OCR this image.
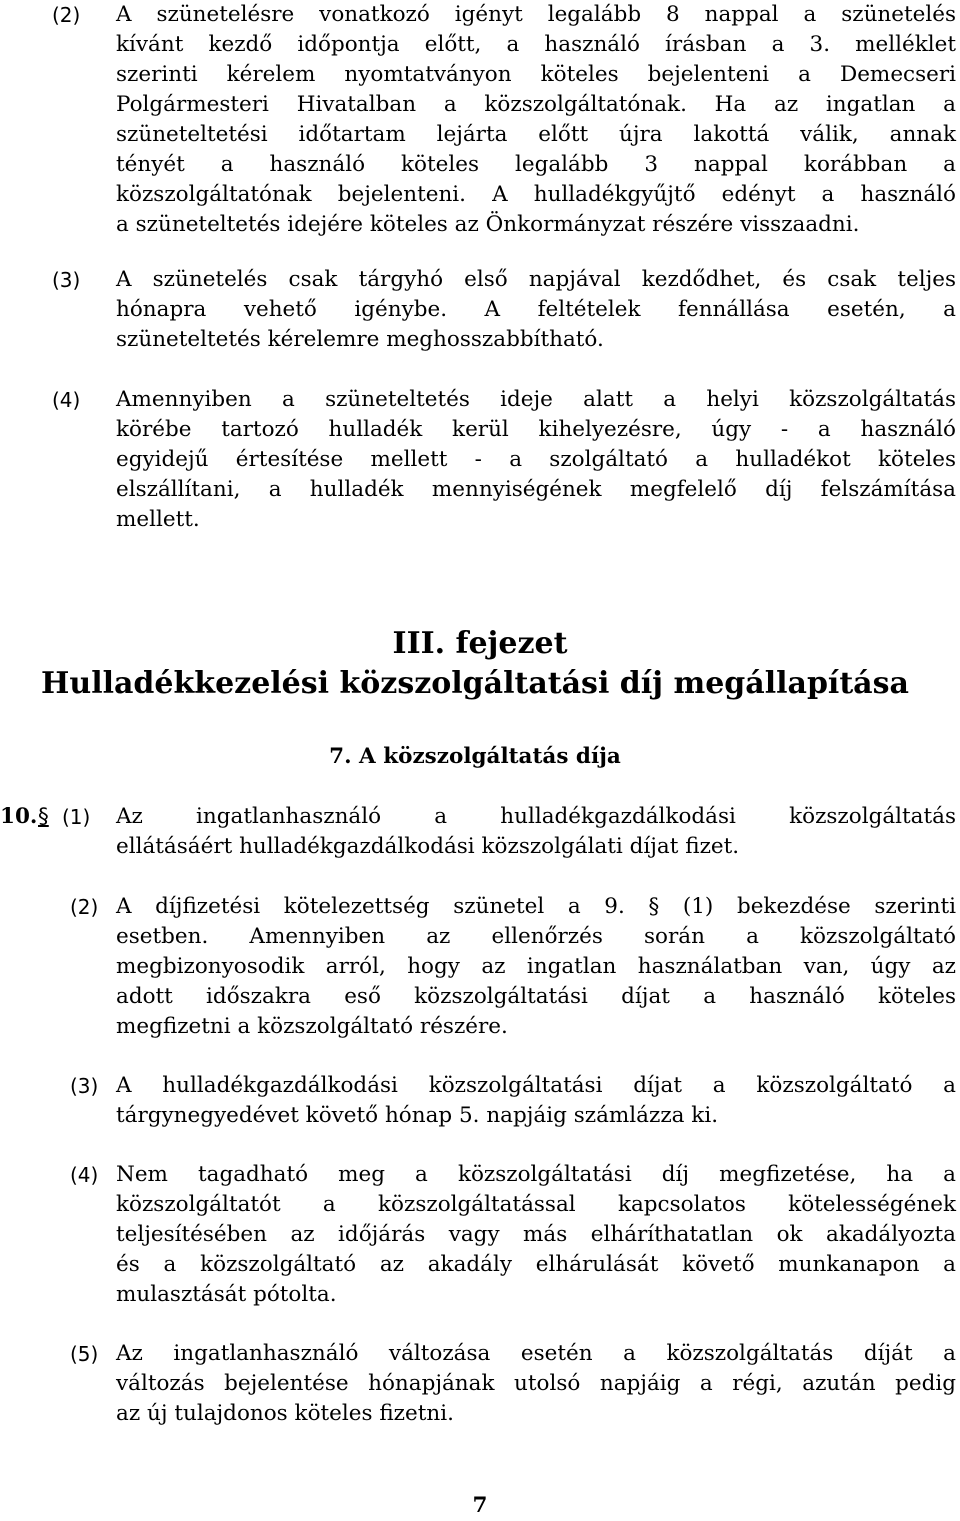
(2) A szünetelésre vonatkozó igényt legalább 8 nappal a szünetelés
kívánt kezdő időpontja előtt, a használó írásban a 3. melléklet
szerinti kérelem nyomtatványon köteles bejelenteni a Demecseri
Polgármesteri Hivatalban a közszolgáltatónak. Ha az ingatlan a
szüneteltetési időtartam lejárta előtt újra lakottá válik, annak
tényét a használó köteles legalább 3 nappal korábban a
közszolgáltatónak bejelenteni. A hulladékgyűjtő edényt a használó
a szüneteltetés idejére köteles az Önkormányzat részére visszaadni.
(3) A szünetelés csak tárgyhó első napjával kezdődhet, és csak teljes
hónapra vehető igénybe. A feltételek fennállása esetén, a
szüneteltetés kérelemre meghosszabbítható.
(4) Amennyiben a szüneteltetés ideje alatt a helyi közszolgáltatás
körébe tartozó hulladék kerül kihelyezésre, úgy - a használó
egyidejű értesítése mellett - a szolgáltató a hulladékot köteles
elszállítani, a hulladék mennyiségének megfelelő díj felszámítása
mellett.
III. fejezet
Hulladékkezelési közszolgáltatási díj megállapítása
7. A közszolgáltatás díja
10. § (1) Az ingatlanhasználó a hulladékgazdálkodási közszolgáltatás
ellátásáért hulladékgazdálkodási közszolgálati díjat fizet.
(2) A díjfizetési kötelezettség szünetel a 9. § (1) bekezdése szerinti
esetben. Amennyiben az ellenőrzés során a közszolgáltató
megbizonyosodik arról, hogy az ingatlan használatban van, úgy az
adott időszakra eső közszolgáltatási díjat a használó köteles
megfizetni a közszolgáltató részére.
(3) A hulladékgazdálkodási közszolgáltatási díjat a közszolgáltató a
tárgynegyedévet követő hónap 5. napjáig számlázza ki.
(4) Nem tagadható meg a közszolgáltatási díj megfizetése, ha a
közszolgáltatót a közszolgáltatással kapcsolatos kötelességének
teljesítésében az időjárás vagy más elháríthatatlan ok akadályozta
és a közszolgáltató az akadály elhárulását követő munkanapon a
mulasztását pótolta.
(5) Az ingatlanhasználó változása esetén a közszolgáltatás díját a
változás bejelentése hónapjának utolsó napjáig a régi, azután pedig
az új tulajdonos köteles fizetni.
7
